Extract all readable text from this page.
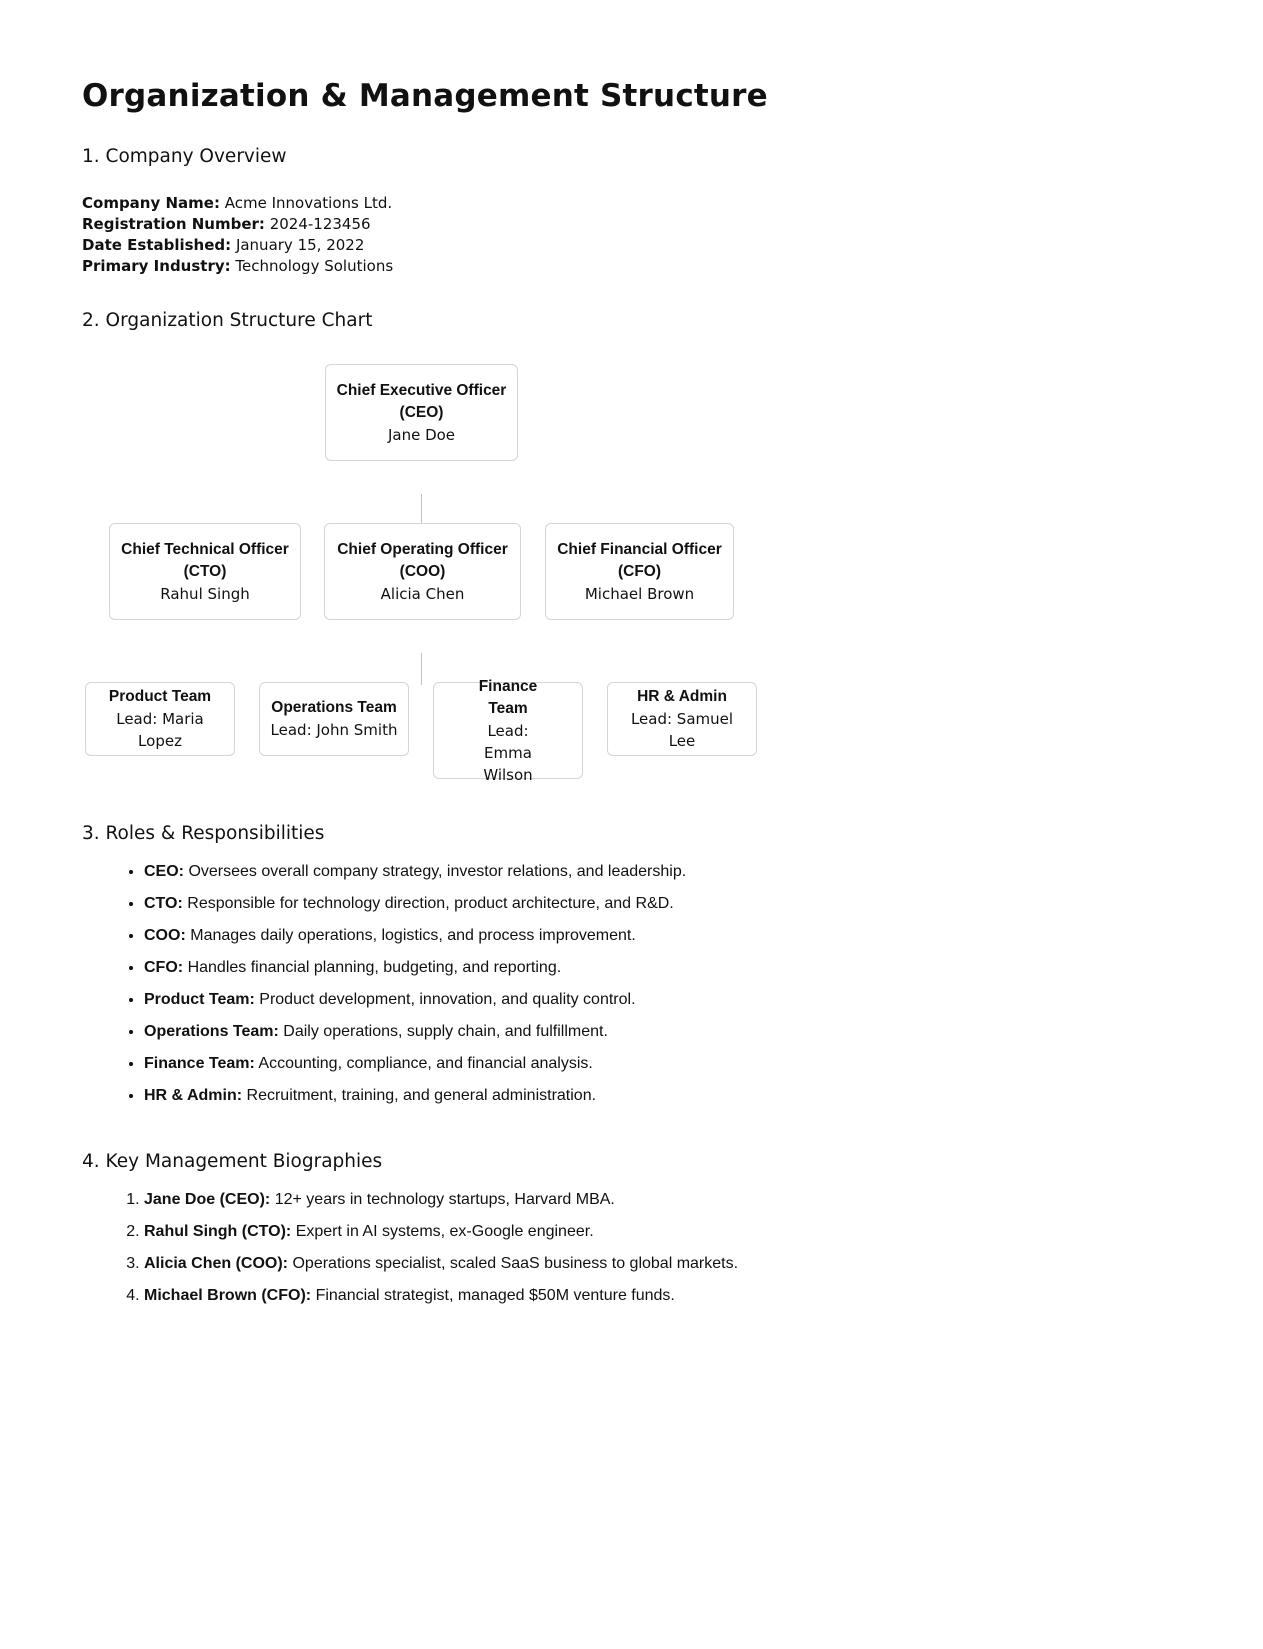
Organization & Management Structure
1. Company Overview
Company Name: Acme Innovations Ltd.
Registration Number: 2024-123456
Date Established: January 15, 2022
Primary Industry: Technology Solutions
2. Organization Structure Chart
Chief Executive Officer (CEO)
Jane Doe
Chief Technical Officer (CTO)
Rahul Singh
Chief Operating Officer (COO)
Alicia Chen
Chief Financial Officer (CFO)
Michael Brown
Product Team
Lead: Maria Lopez
Operations Team
Lead: John Smith
Finance Team
Lead: Emma Wilson
HR & Admin
Lead: Samuel Lee
3. Roles & Responsibilities
• CEO: Oversees overall company strategy, investor relations, and leadership.
• CTO: Responsible for technology direction, product architecture, and R&D.
• COO: Manages daily operations, logistics, and process improvement.
• CFO: Handles financial planning, budgeting, and reporting.
• Product Team: Product development, innovation, and quality control.
• Operations Team: Daily operations, supply chain, and fulfillment.
• Finance Team: Accounting, compliance, and financial analysis.
• HR & Admin: Recruitment, training, and general administration.
4. Key Management Biographies
1. Jane Doe (CEO): 12+ years in technology startups, Harvard MBA.
2. Rahul Singh (CTO): Expert in AI systems, ex-Google engineer.
3. Alicia Chen (COO): Operations specialist, scaled SaaS business to global markets.
4. Michael Brown (CFO): Financial strategist, managed $50M venture funds.
